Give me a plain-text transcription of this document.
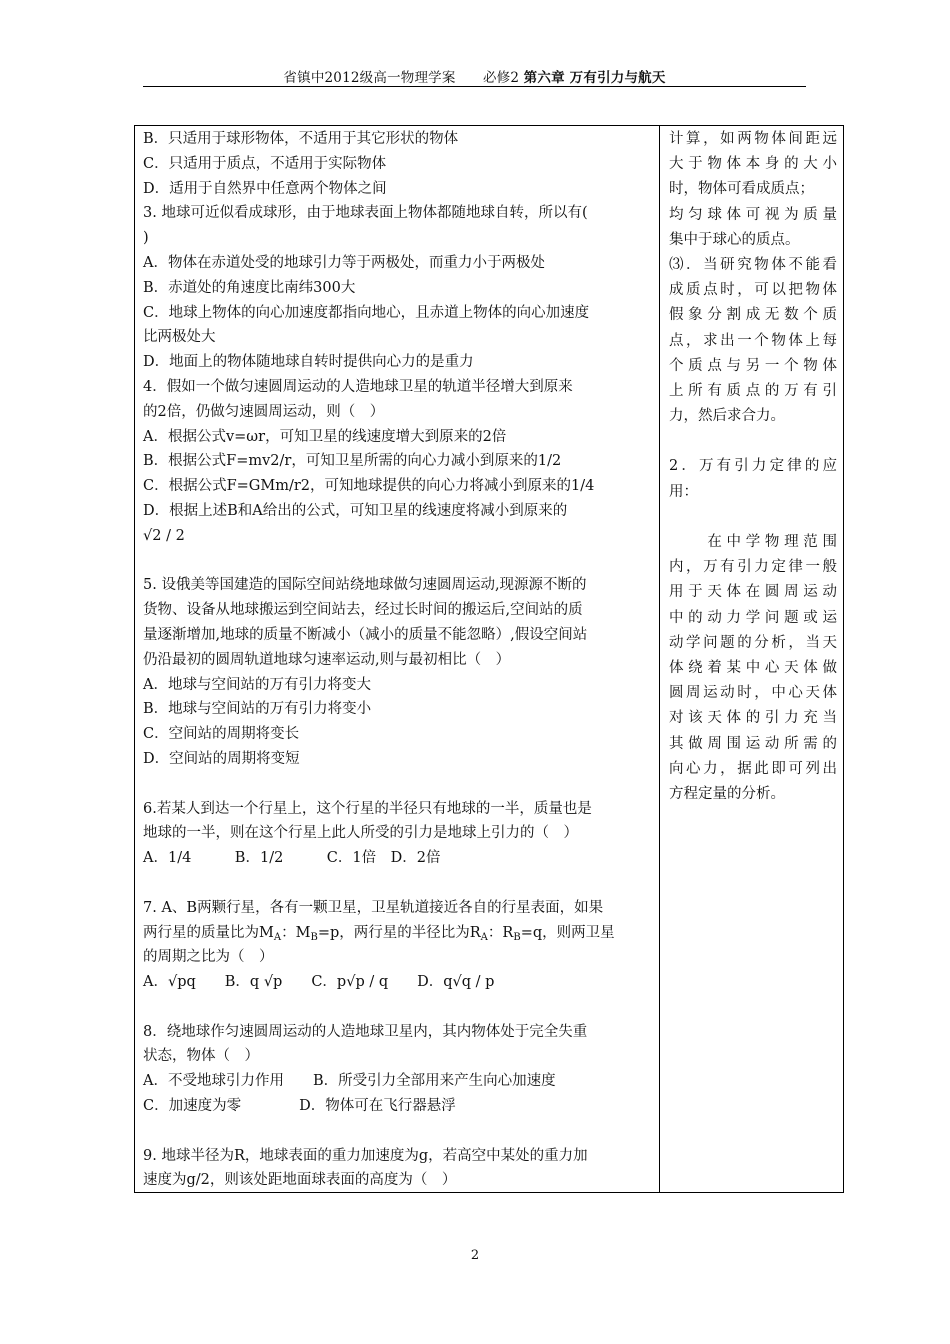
省镇中2012级高一物理学案　　必修2 第六章 万有引力与航天
B．只适用于球形物体，不适用于其它形状的物体
C．只适用于质点，不适用于实际物体
D．适用于自然界中任意两个物体之间
3. 地球可近似看成球形，由于地球表面上物体都随地球自转，所以有(
)
A．物体在赤道处受的地球引力等于两极处，而重力小于两极处
B．赤道处的角速度比南纬300大
C．地球上物体的向心加速度都指向地心，且赤道上物体的向心加速度
比两极处大
D．地面上的物体随地球自转时提供向心力的是重力
4．假如一个做匀速圆周运动的人造地球卫星的轨道半径增大到原来
的2倍，仍做匀速圆周运动，则（　）
A．根据公式v=ωr，可知卫星的线速度增大到原来的2倍
B．根据公式F=mv2/r，可知卫星所需的向心力减小到原来的1/2
C．根据公式F=GMm/r2，可知地球提供的向心力将减小到原来的1/4
D．根据上述B和A给出的公式，可知卫星的线速度将减小到原来的
√2 / 2
5. 设俄美等国建造的国际空间站绕地球做匀速圆周运动,现源源不断的
货物、设备从地球搬运到空间站去，经过长时间的搬运后,空间站的质
量逐渐增加,地球的质量不断减小（减小的质量不能忽略）,假设空间站
仍沿最初的圆周轨道地球匀速率运动,则与最初相比（　）
A．地球与空间站的万有引力将变大
B．地球与空间站的万有引力将变小
C．空间站的周期将变长
D．空间站的周期将变短
6.若某人到达一个行星上，这个行星的半径只有地球的一半，质量也是
地球的一半，则在这个行星上此人所受的引力是地球上引力的（　）
A．1/4　　　B．1/2　　　C．1倍　D．2倍
7. A、B两颗行星，各有一颗卫星，卫星轨道接近各自的行星表面，如果
两行星的质量比为$M_A$：$M_B=p$，两行星的半径比为$R_A$：$R_B=q$，则两卫星
的周期之比为（　）
A．√pq　　B．q √p　　C．p√p / q　　D．q√q / p
8．绕地球作匀速圆周运动的人造地球卫星内，其内物体处于完全失重
状态，物体（　）
A．不受地球引力作用　　B．所受引力全部用来产生向心加速度
C．加速度为零　　　　D．物体可在飞行器悬浮
9. 地球半径为R，地球表面的重力加速度为g，若高空中某处的重力加
速度为g/2，则该处距地面球表面的高度为（　）
计算，如两物体间距远
大于物体本身的大小
时，物体可看成质点；
均匀球体可视为质量
集中于球心的质点。
⑶．当研究物体不能看
成质点时，可以把物体
假象分割成无数个质
点，求出一个物体上每
个质点与另一个物体
上所有质点的万有引
力，然后求合力。
2．万有引力定律的应
用：
　　在中学物理范围
内，万有引力定律一般
用于天体在圆周运动
中的动力学问题或运
动学问题的分析，当天
体绕着某中心天体做
圆周运动时，中心天体
对该天体的引力充当
其做周围运动所需的
向心力，据此即可列出
方程定量的分析。
2
